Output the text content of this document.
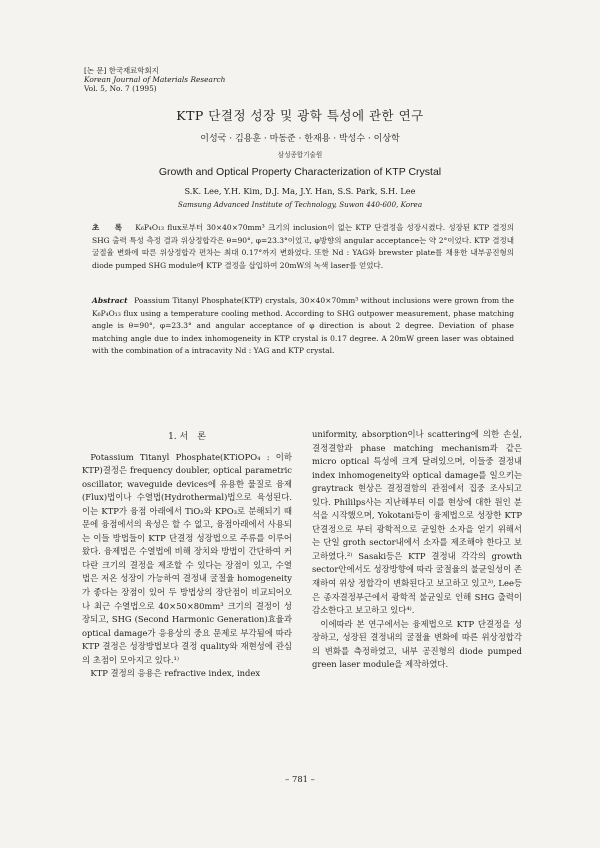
[논 문] 한국재료학회지
Korean Journal of Materials Research
Vol. 5, No. 7 (1995)
KTP 단결정 성장 및 광학 특성에 관한 연구
이성국 · 김용훈 · 마동준 · 한재용 · 박성수 · 이상학
삼성종합기술원
Growth and Optical Property Characterization of KTP Crystal
S.K. Lee, Y.H. Kim, D.J. Ma, J.Y. Han, S.S. Park, S.H. Lee
Samsung Advanced Institute of Technology, Suwon 440-600, Korea
초 록 K₆P₄O₁₃ flux로부터 30×40×70mm³ 크기의 inclusion이 없는 KTP 단결정을 성장시켰다. 성장된 KTP 결정의 SHG 출력 특성 측정 결과 위상정합각은 θ=90°, φ=23.3°이었고, φ방향의 angular acceptance는 약 2°이었다. KTP 결정내 굴절율 변화에 따른 위상정합각 편차는 최대 0.17°까지 변화였다. 또한 Nd : YAG와 brewster plate를 채용한 내부공진형의 diode pumped SHG module에 KTP 결정을 삽입하여 20mW의 녹색 laser를 얻었다.
Abstract Poassium Titanyl Phosphate(KTP) crystals, 30×40×70mm³ without inclusions were grown from the K₆P₄O₁₃ flux using a temperature cooling method. According to SHG outpower measurement, phase matching angle is θ=90°, φ=23.3° and angular acceptance of φ direction is about 2 degree. Deviation of phase matching angle due to index inhomogeneity in KTP crystal is 0.17 degree. A 20mW green laser was obtained with the combination of a intracavity Nd : YAG and KTP crystal.
1. 서　론

Potassium Titanyl Phosphate(KTiOPO₄ : 이하 KTP)결정은 frequency doubler, optical parametric oscillator, waveguide devices에 유용한 물질로 융제(Flux)법이나 수열법(Hydrothermal)법으로 육성된다. 이는 KTP가 융점 아래에서 TiO₂와 KPO₃로 분해되기 때문에 융점에서의 육성은 할 수 없고, 융점아래에서 사용되는 이들 방법들이 KTP 단결정 성장법으로 주류를 이루어 왔다. 융제법은 수열법에 비해 장치와 방법이 간단하여 커다란 크기의 결정을 제조할 수 있다는 장점이 있고, 수열법은 저온 성장이 가능하여 결정내 굴절율 homogeneity가 좋다는 장점이 있어 두 방법상의 장단점이 비교되어오나 최근 수열법으로 40×50×80mm³ 크기의 결정이 성장되고, SHG (Second Harmonic Generation)효율과 optical damage가 응용상의 중요 문제로 부각됨에 따라 KTP 결정은 성장방법보다 결정 quality와 재현성에 관심의 초점이 모아지고 있다.¹⁾

KTP 결정의 응용은 refractive index, index

uniformity, absorption이나 scattering에 의한 손실, 결정결함과 phase matching mechanism과 같은 micro optical 특성에 크게 달려있으며, 이들중 결정내 index inhomogeneity와 optical damage를 일으키는 graytrack 현상은 결정결함의 관점에서 집중 조사되고 있다. Phililps사는 지난해부터 이를 현상에 대한 원인 분석을 시작했으며, Yokotani등이 융제법으로 성장한 KTP단결정으로 부터 광학적으로 균일한 소자을 얻기 위해서는 단일 groth sector내에서 소자를 제조해야 한다고 보고하였다.²⁾ Sasaki등은 KTP 결정내 각각의 growth sector안에서도 성장방향에 따라 굴절율의 불균일성이 존재하여 위상 정합각이 변화된다고 보고하고 있고³⁾, Lee등은 종자결정부근에서 광학적 불균일로 인해 SHG 출력이 감소한다고 보고하고 있다⁴⁾.

이에따라 본 연구에서는 융제법으로 KTP 단결정을 성장하고, 성장된 결정내의 굴절율 변화에 따른 위상정합각의 변화를 측정하였고, 내부 공진형의 diode pumped green laser module을 제작하였다.

– 781 –
